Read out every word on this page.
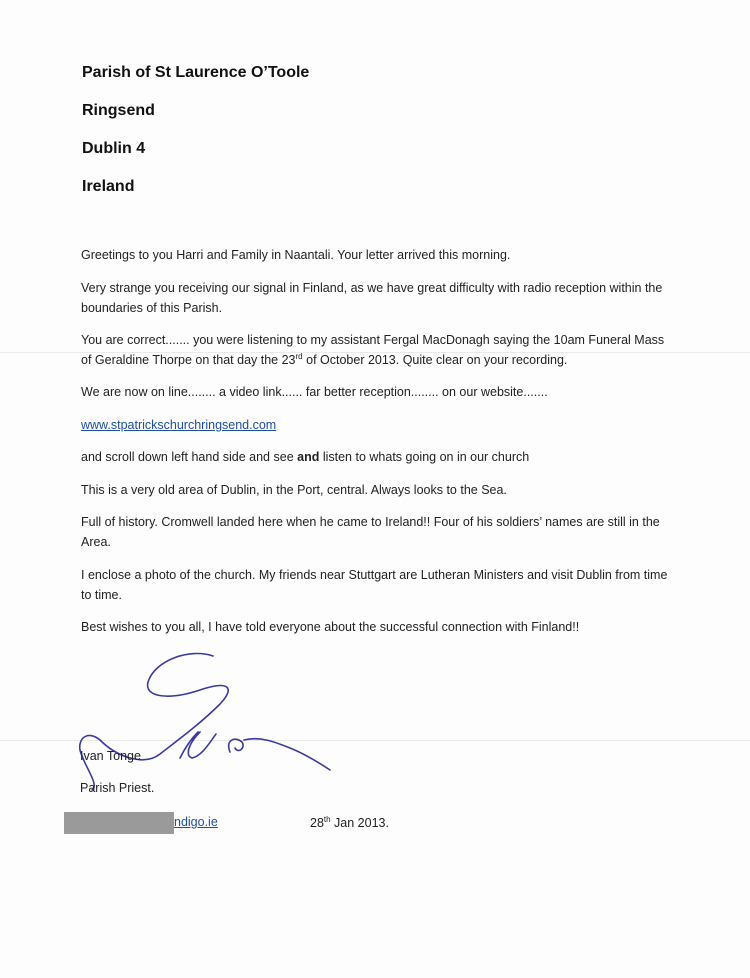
Parish of St Laurence O’Toole
Ringsend
Dublin 4
Ireland

Greetings to you Harri and Family in Naantali. Your letter arrived this morning.

Very strange you receiving our signal in Finland, as we have great difficulty with radio reception within the boundaries of this Parish.

You are correct....... you were listening to my assistant Fergal MacDonagh saying the 10am Funeral Mass of Geraldine Thorpe on that day the 23rd of October 2013. Quite clear on your recording.

We are now on line........ a video link...... far better reception........ on our website.......

www.stpatrickschurchringsend.com

and scroll down left hand side and see and listen to whats going on in our church

This is a very old area of Dublin, in the Port, central. Always looks to the Sea.

Full of history. Cromwell landed here when he came to Ireland!! Four of his soldiers’ names are still in the Area.

I enclose a photo of the church. My friends near Stuttgart are Lutheran Ministers and visit Dublin from time to time.

Best wishes to you all, I have told everyone about the successful connection with Finland!!

Ivan Tonge
Parish Priest.
ndigo.ie	28th Jan 2013.
